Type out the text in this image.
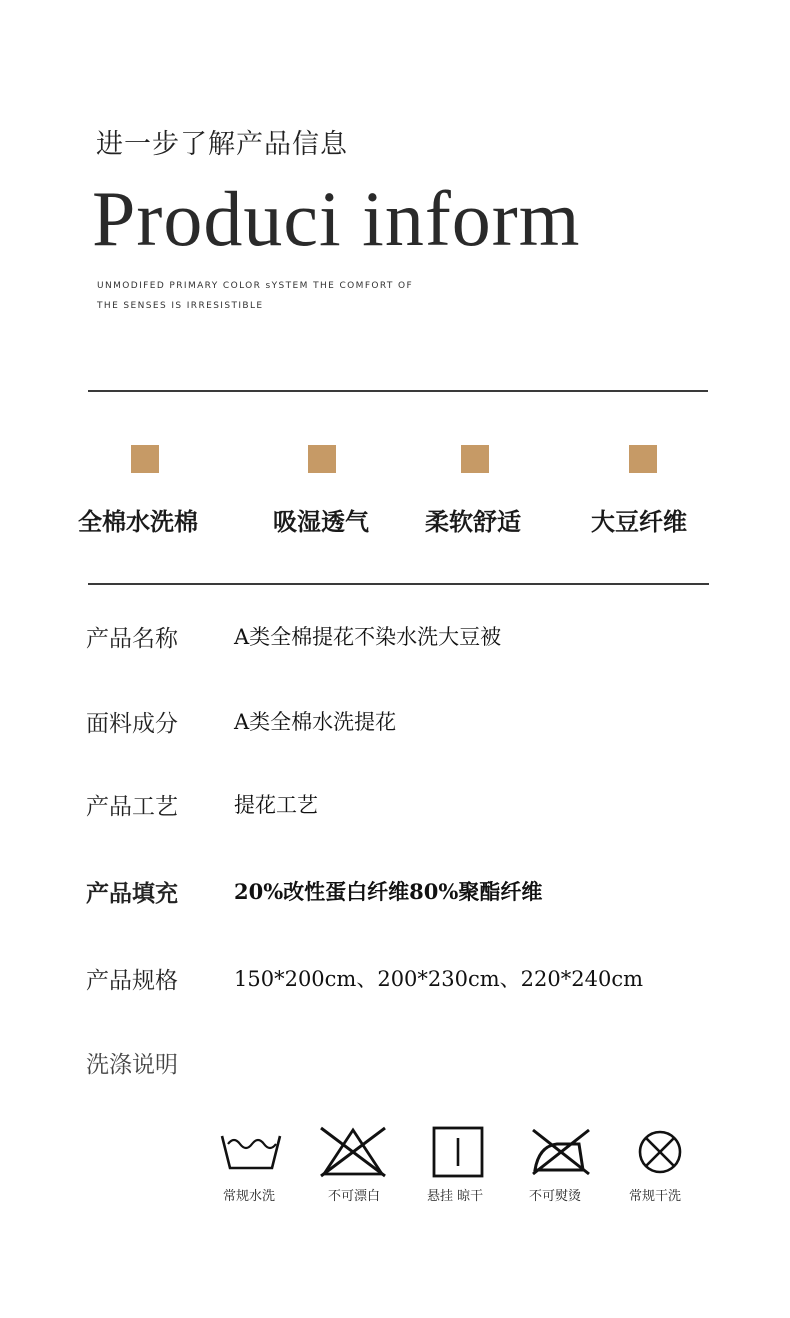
进一步了解产品信息
Produci inform
UNMODIFED PRIMARY COLOR sYSTEM THE COMFORT OF
THE SENSES IS IRRESISTIBLE
全棉水洗棉	吸湿透气 柔软舒适	大豆纤维
产品名称	A类全棉提花不染水洗大豆被
面料成分	A类全棉水洗提花
产品工艺	提花工艺
产品填充	20%改性蛋白纤维80%聚酯纤维
产品规格	150*200cm、200*230cm、220*240cm
洗涤说明
常规水洗	不可漂白	悬挂 晾干	不可熨烫	常规干洗
